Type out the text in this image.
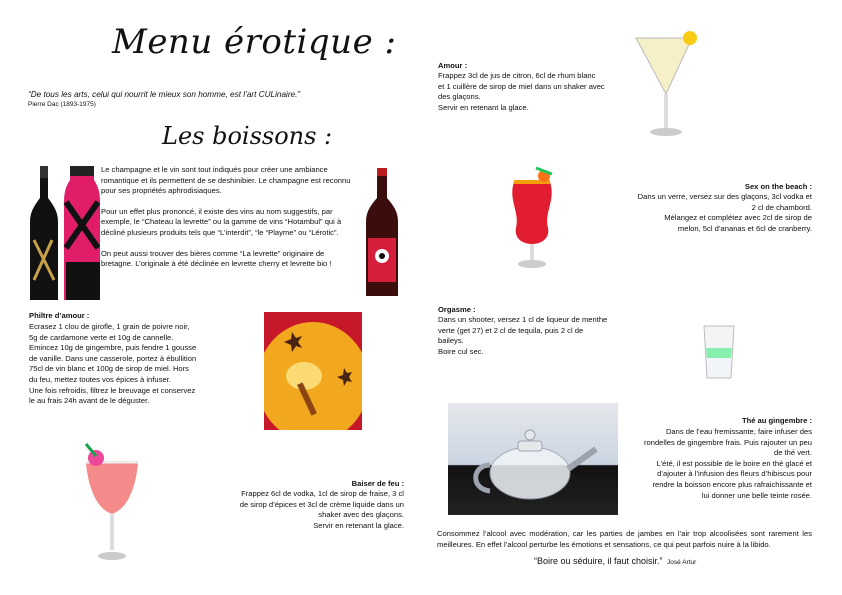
Menu érotique :

“De tous les arts, celui qui nourrit le mieux son homme, est l’art CULinaire.”

Pierre Dac (1893-1975)

Les boissons :

Le champagne et le vin sont tout indiqués pour créer une ambiance romantique et ils permettent de se deshinibier. Le champagne est reconnu pour ses propriétés aphrodisiaques.

Pour un effet plus prononcé, il existe des vins au nom suggestifs, par exemple, le “Chateau la levrette” ou la gamme de vins “Hotambul” qui à décliné plusieurs produits tels que “L’interdit”, “le “Playme” ou “Lérotic”.

On peut aussi trouver des bières comme “La levrette” originaire de bretagne. L’originale à été déclinée en levrette cherry et levrette bio !

Philtre d’amour :

Ecrasez 1 clou de girofle, 1 grain de poivre noir,
5g de cardamone verte et 10g de cannelle.
Emincez 10g de gingembre, puis fendre 1 gousse
de vanille. Dans une casserole, portez à ébullition
75cl de vin blanc et 100g de sirop de miel. Hors
du feu, mettez toutes vos épices à infuser.
Une fois refroidis, filtrez le breuvage et conservez
le au frais 24h avant de le déguster.

Baiser de feu :

Frappez 6cl de vodka, 1cl de sirop de fraise, 3 cl
de sirop d’épices et 3cl de crème liquide dans un
shaker avec des glaçons.
Servir en retenant la glace.

Amour :

Frappez 3cl de jus de citron, 6cl de rhum blanc
et 1 cuillère de sirop de miel dans un shaker avec
des glaçons.
Servir en retenant la glace.

Sex on the beach :

Dans un verre, versez sur des glaçons, 3cl vodka et
2 cl de chambord.
Mélangez et complétez avec 2cl de sirop de
melon, 5cl d’ananas et 6cl de cranberry.

Orgasme :

Dans un shooter, versez 1 cl de liqueur de menthe
verte (get 27) et 2 cl de tequila, puis 2 cl de
baileys.
Boire cul sec.

Thé au gingembre :

Dans de l’eau fremissante, faire infuser des
rondelles de gingembre frais. Puis rajouter un peu
de thé vert.
L’été, il est possible de le boire en thé glacé et
d’ajouter à l’infusion des fleurs d’hibiscus pour
rendre la boisson encore plus rafraichissante et
lui donner une belle teinte rosée.

Consommez l’alcool avec modération, car les parties de jambes en l’air trop alcoolisées sont rarement les meilleures. En effet l’alcool perturbe les émotions et sensations, ce qui peut parfois nuire à la libido.

“Boire ou séduire, il faut choisir.” José Artur
